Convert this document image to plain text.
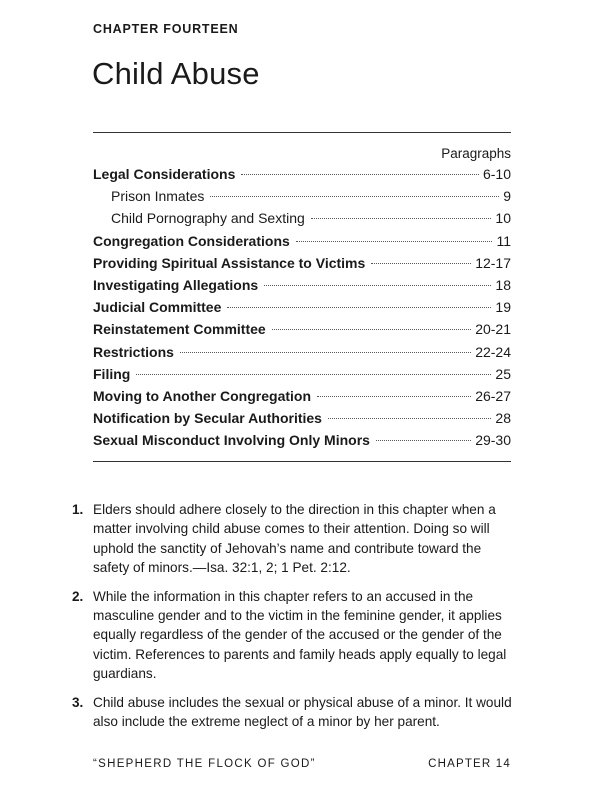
CHAPTER FOURTEEN
Child Abuse
Paragraphs
Legal Considerations	6-10
Prison Inmates	9
Child Pornography and Sexting	10
Congregation Considerations	11
Providing Spiritual Assistance to Victims	12-17
Investigating Allegations	18
Judicial Committee	19
Reinstatement Committee	20-21
Restrictions	22-24
Filing	25
Moving to Another Congregation	26-27
Notification by Secular Authorities	28
Sexual Misconduct Involving Only Minors	29-30
1. Elders should adhere closely to the direction in this chapter when a matter involving child abuse comes to their attention. Doing so will uphold the sanctity of Jehovah’s name and contribute toward the safety of minors.—Isa. 32:1, 2; 1 Pet. 2:12.
2. While the information in this chapter refers to an accused in the masculine gender and to the victim in the feminine gender, it applies equally regardless of the gender of the accused or the gender of the victim. References to parents and family heads apply equally to legal guardians.
3. Child abuse includes the sexual or physical abuse of a minor. It would also include the extreme neglect of a minor by her parent.
“SHEPHERD THE FLOCK OF GOD”	CHAPTER 14
